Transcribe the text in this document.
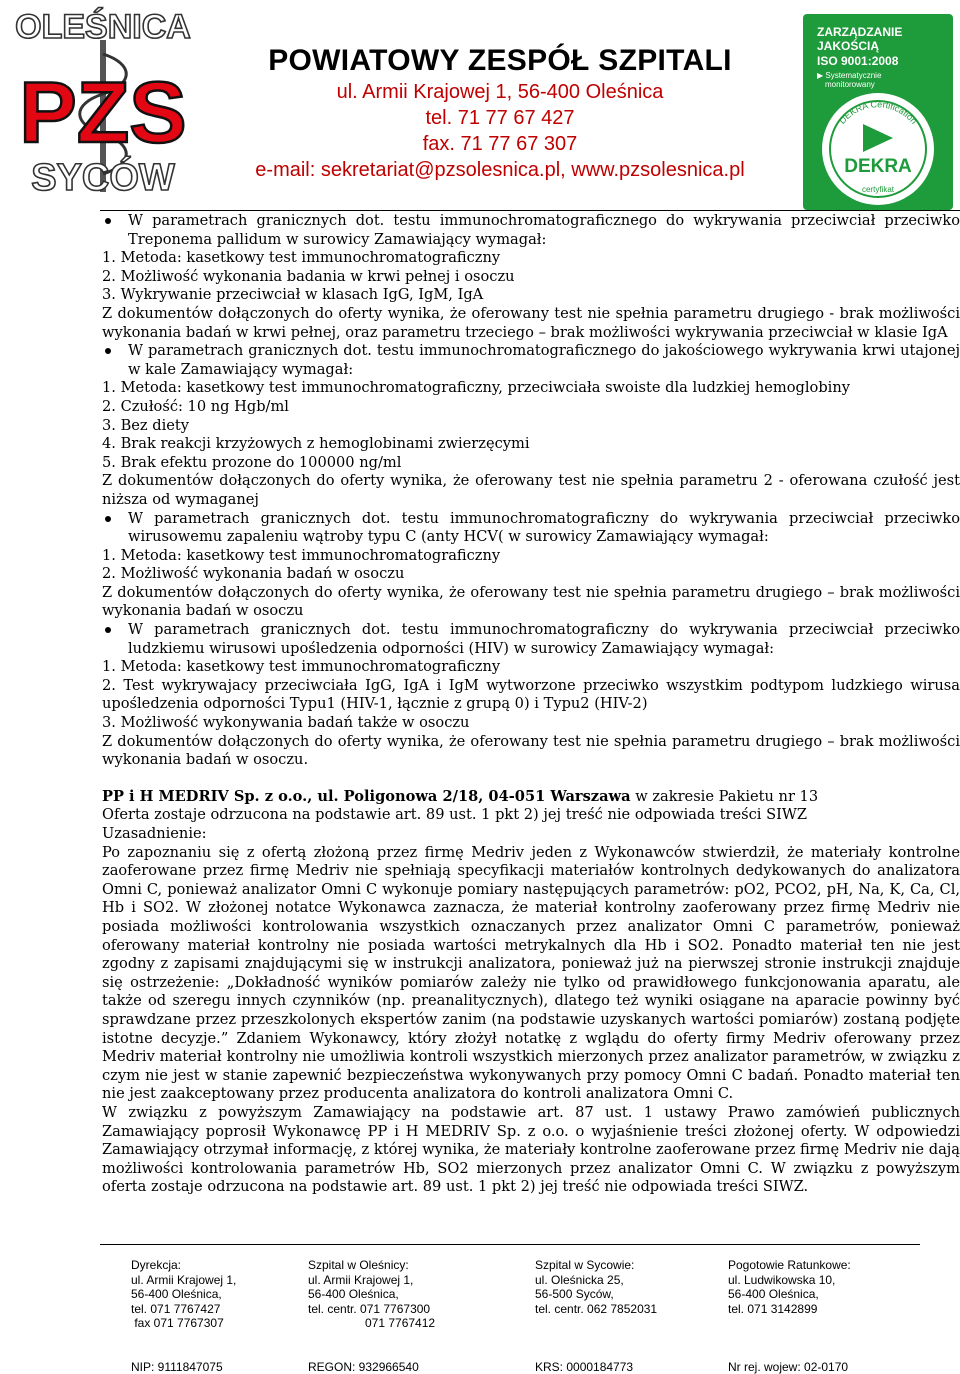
OLEŚNICA
PZS
SYCÓW
POWIATOWY ZESPÓŁ SZPITALI
ul. Armii Krajowej 1, 56-400 Oleśnica
tel. 71 77 67 427
fax. 71 77 67 307
e-mail: sekretariat@pzsolesnica.pl, www.pzsolesnica.pl
ZARZĄDZANIE
JAKOŚCIĄ
ISO 9001:2008
▶ Systematycznie
monitorowany
DEKRA Certification
DEKRA
certyfikat

W parametrach granicznych dot. testu immunochromatograficznego do wykrywania przeciwciał przeciwko Treponema pallidum w surowicy Zamawiający wymagał:

1. Metoda: kasetkowy test immunochromatograficzny

2. Możliwość wykonania badania w krwi pełnej i osoczu

3. Wykrywanie przeciwciał w klasach IgG, IgM, IgA

Z dokumentów dołączonych do oferty wynika, że oferowany test nie spełnia parametru drugiego - brak możliwości wykonania badań w krwi pełnej, oraz parametru trzeciego – brak możliwości wykrywania przeciwciał w klasie IgA

W parametrach granicznych dot. testu immunochromatograficznego do jakościowego wykrywania krwi utajonej w kale Zamawiający wymagał:

1. Metoda: kasetkowy test immunochromatograficzny, przeciwciała swoiste dla ludzkiej hemoglobiny

2. Czułość: 10 ng Hgb/ml

3. Bez diety

4. Brak reakcji krzyżowych z hemoglobinami zwierzęcymi

5. Brak efektu prozone do 100000 ng/ml

Z dokumentów dołączonych do oferty wynika, że oferowany test nie spełnia parametru 2 - oferowana czułość jest niższa od wymaganej

W parametrach granicznych dot. testu immunochromatograficzny do wykrywania przeciwciał przeciwko wirusowemu zapaleniu wątroby typu C (anty HCV( w surowicy Zamawiający wymagał:

1. Metoda: kasetkowy test immunochromatograficzny

2. Możliwość wykonania badań w osoczu

Z dokumentów dołączonych do oferty wynika, że oferowany test nie spełnia parametru drugiego – brak możliwości wykonania badań w osoczu

W parametrach granicznych dot. testu immunochromatograficzny do wykrywania przeciwciał przeciwko ludzkiemu wirusowi upośledzenia odporności (HIV) w surowicy Zamawiający wymagał:

1. Metoda: kasetkowy test immunochromatograficzny

2. Test wykrywajacy przeciwciała IgG, IgA i IgM wytworzone przeciwko wszystkim podtypom ludzkiego wirusa upośledzenia odporności Typu1 (HIV-1, łącznie z grupą 0) i Typu2 (HIV-2)

3. Możliwość wykonywania badań także w osoczu

Z dokumentów dołączonych do oferty wynika, że oferowany test nie spełnia parametru drugiego – brak możliwości wykonania badań w osoczu.

PP i H MEDRIV Sp. z o.o., ul. Poligonowa 2/18, 04-051 Warszawa w zakresie Pakietu nr 13

Oferta zostaje odrzucona na podstawie art. 89 ust. 1 pkt 2) jej treść nie odpowiada treści SIWZ

Uzasadnienie:

Po zapoznaniu się z ofertą złożoną przez firmę Medriv jeden z Wykonawców stwierdził, że materiały kontrolne zaoferowane przez firmę Medriv nie spełniają specyfikacji materiałów kontrolnych dedykowanych do analizatora Omni C, ponieważ analizator Omni C wykonuje pomiary następujących parametrów: pO2, PCO2, pH, Na, K, Ca, Cl, Hb i SO2. W złożonej notatce Wykonawca zaznacza, że materiał kontrolny zaoferowany przez firmę Medriv nie posiada możliwości kontrolowania wszystkich oznaczanych przez analizator Omni C parametrów, ponieważ oferowany materiał kontrolny nie posiada wartości metrykalnych dla Hb i SO2. Ponadto materiał ten nie jest zgodny z zapisami znajdującymi się w instrukcji analizatora, ponieważ już na pierwszej stronie instrukcji znajduje się ostrzeżenie: „Dokładność wyników pomiarów zależy nie tylko od prawidłowego funkcjonowania aparatu, ale także od szeregu innych czynników (np. preanalitycznych), dlatego też wyniki osiągane na aparacie powinny być sprawdzane przez przeszkolonych ekspertów zanim (na podstawie uzyskanych wartości pomiarów) zostaną podjęte istotne decyzje.” Zdaniem Wykonawcy, który złożył notatkę z wglądu do oferty firmy Medriv oferowany przez Medriv materiał kontrolny nie umożliwia kontroli wszystkich mierzonych przez analizator parametrów, w związku z czym nie jest w stanie zapewnić bezpieczeństwa wykonywanych przy pomocy Omni C badań. Ponadto materiał ten nie jest zaakceptowany przez producenta analizatora do kontroli analizatora Omni C.

W związku z powyższym Zamawiający na podstawie art. 87 ust. 1 ustawy Prawo zamówień publicznych Zamawiający poprosił Wykonawcę PP i H MEDRIV Sp. z o.o. o wyjaśnienie treści złożonej oferty. W odpowiedzi Zamawiający otrzymał informację, z której wynika, że materiały kontrolne zaoferowane przez firmę Medriv nie dają możliwości kontrolowania parametrów Hb, SO2 mierzonych przez analizator Omni C. W związku z powyższym oferta zostaje odrzucona na podstawie art. 89 ust. 1 pkt 2) jej treść nie odpowiada treści SIWZ.

Dyrekcja:
ul. Armii Krajowej 1,
56-400 Oleśnica,
tel. 071 7767427
fax 071 7767307
Szpital w Oleśnicy:
ul. Armii Krajowej 1,
56-400 Oleśnica,
tel. centr. 071 7767300
071 7767412
Szpital w Sycowie:
ul. Oleśnicka 25,
56-500 Syców,
tel. centr. 062 7852031
Pogotowie Ratunkowe:
ul. Ludwikowska 10,
56-400 Oleśnica,
tel. 071 3142899
NIP: 9111847075	REGON: 932966540	KRS: 0000184773	Nr rej. wojew: 02-0170
